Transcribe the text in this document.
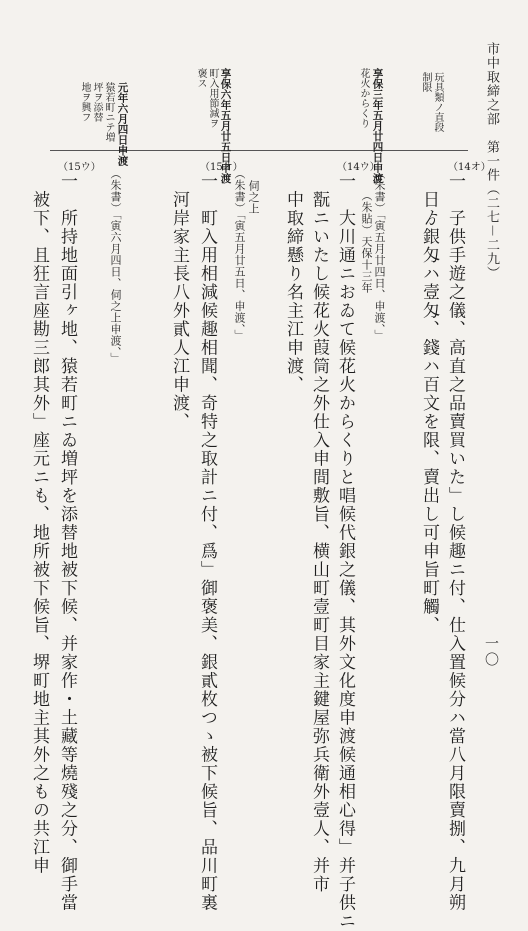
市中取締之部　第一件（二七－二九）
一〇
玩具類ノ直段
制限
享保三年五月廿四日申渡
花火からくり
享保六年五月廿五日申渡
町入用節減ヲ
褒ス
元年六月四日申渡
猿若町ニテ増
坪ヲ添替
地ヲ興フ
（14オ）
一　子供手遊之儀、高直之品賣買いた」し候趣ニ付、仕入置候分ハ當八月限賣捌、九月朔
　日ゟ銀匁ハ壹匁、錢ハ百文を限、賣出し可申旨町觸、
（14ウ）
（朱書）「寅五月廿四日、申渡、」
（朱貼）天保十三年
一　大川通ニおゐて候花火からくりと唱候代銀之儀、其外文化度申渡候通相心得」并子供ニ
　翫ニいたし候花火葭筒之外仕入申間敷旨、横山町壹町目家主鍵屋弥兵衛外壹人、并市
　中取締懸り名主江申渡、
（15オ）
伺之上
（朱書）「寅五月廿五日、申渡、」
一　町入用相減候趣相聞、奇特之取計ニ付、爲」御褒美、銀貳枚つゝ被下候旨、品川町裏
　河岸家主長八外貳人江申渡、
（15ウ）
（朱書）「寅六月四日、伺之上申渡、」
一　所持地面引ヶ地、猿若町ニゐ増坪を添替地被下候、并家作・土藏等燒殘之分、御手當
　被下、且狂言座勘三郎其外」座元ニも、地所被下候旨、堺町地主其外之もの共江申
